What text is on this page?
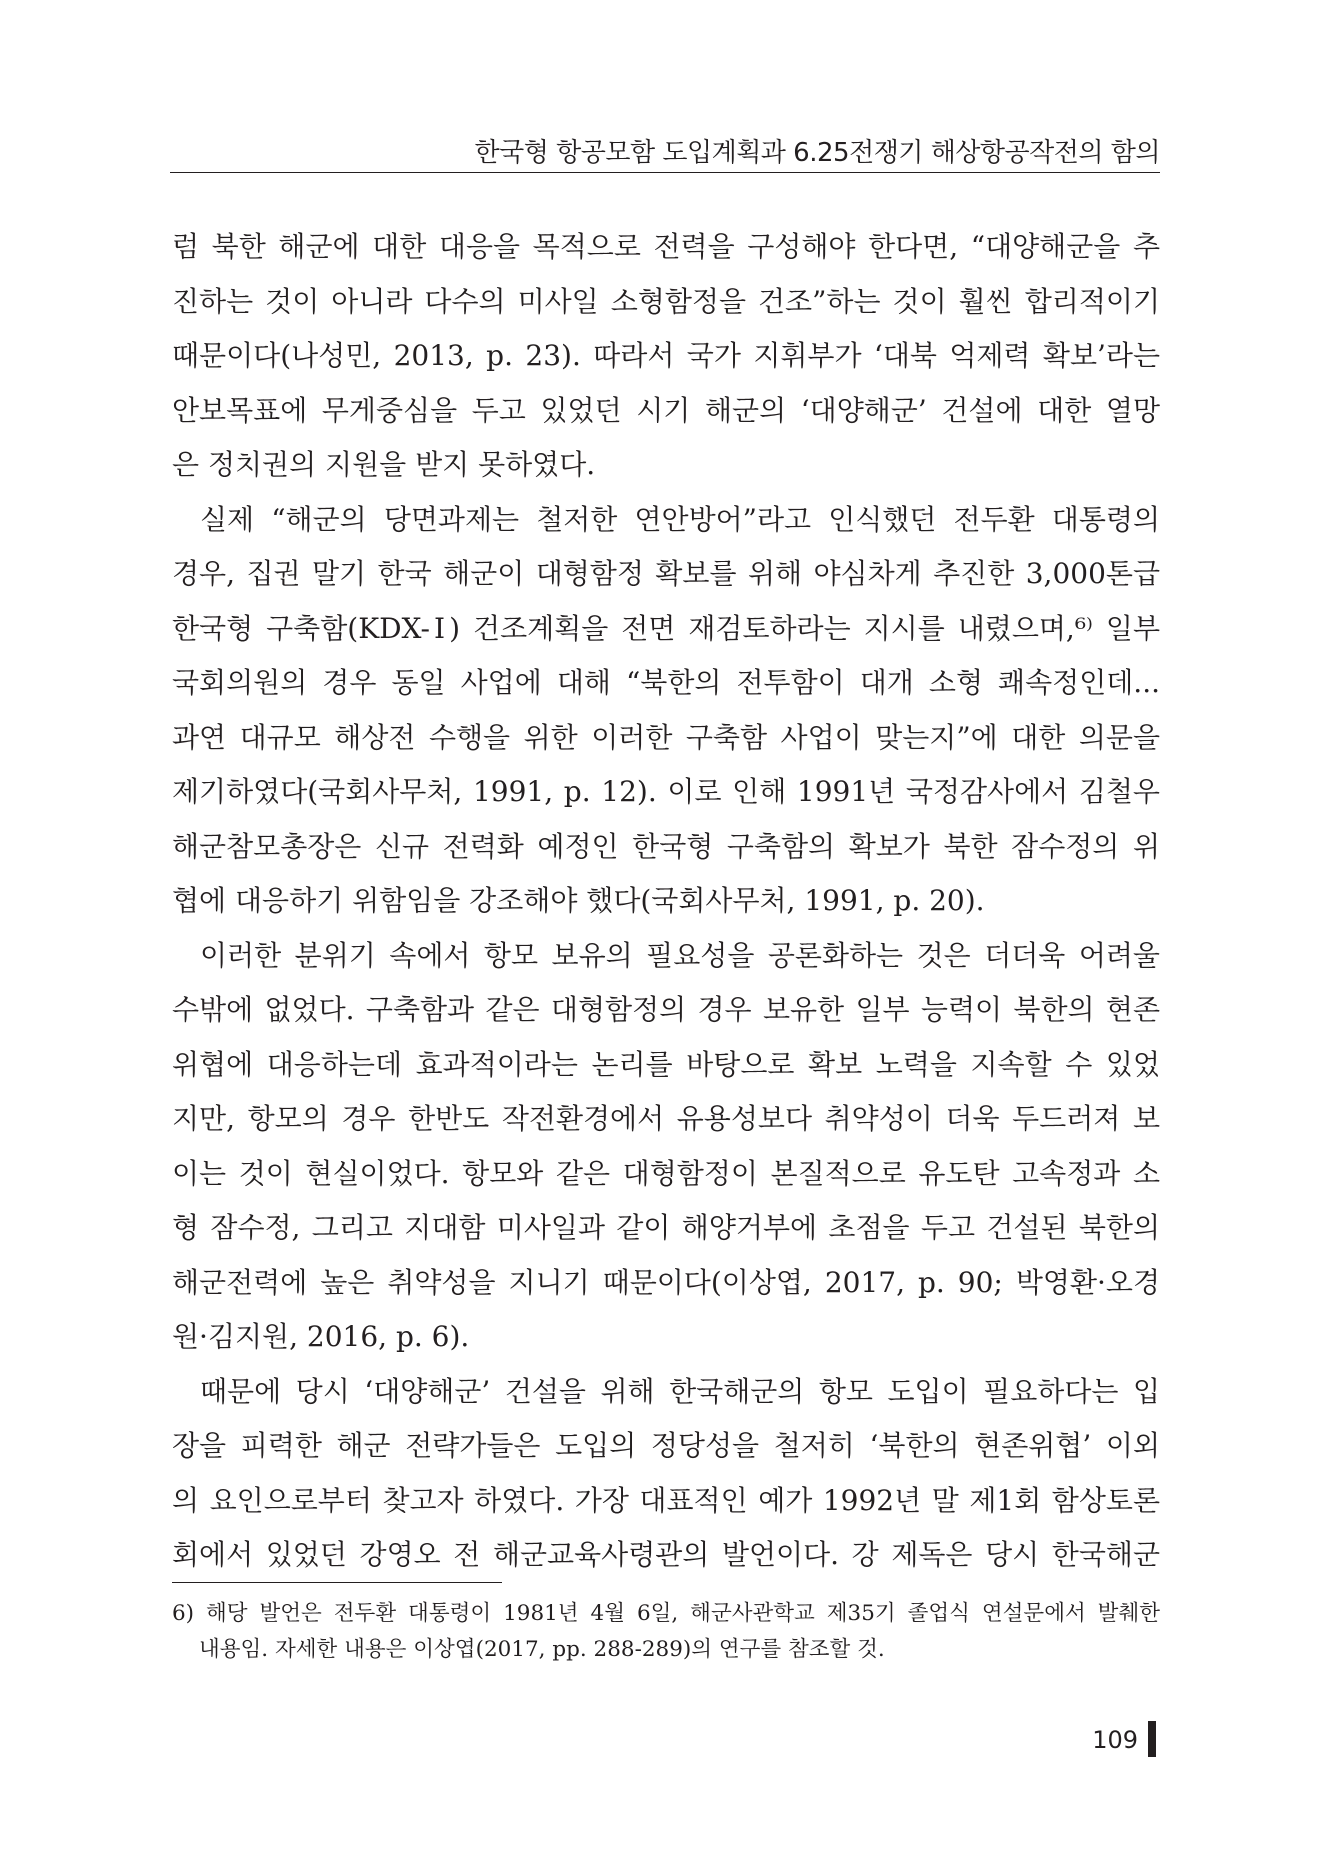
한국형 항공모함 도입계획과 6.25전쟁기 해상항공작전의 함의
럼 북한 해군에 대한 대응을 목적으로 전력을 구성해야 한다면, “대양해군을 추
진하는 것이 아니라 다수의 미사일 소형함정을 건조”하는 것이 훨씬 합리적이기
때문이다(나성민, 2013, p. 23). 따라서 국가 지휘부가 ‘대북 억제력 확보’라는
안보목표에 무게중심을 두고 있었던 시기 해군의 ‘대양해군’ 건설에 대한 열망
은 정치권의 지원을 받지 못하였다.
실제 “해군의 당면과제는 철저한 연안방어”라고 인식했던 전두환 대통령의
경우, 집권 말기 한국 해군이 대형함정 확보를 위해 야심차게 추진한 3,000톤급
한국형 구축함(KDX-Ⅰ) 건조계획을 전면 재검토하라는 지시를 내렸으며,⁶⁾ 일부
국회의원의 경우 동일 사업에 대해 “북한의 전투함이 대개 소형 쾌속정인데...
과연 대규모 해상전 수행을 위한 이러한 구축함 사업이 맞는지”에 대한 의문을
제기하였다(국회사무처, 1991, p. 12). 이로 인해 1991년 국정감사에서 김철우
해군참모총장은 신규 전력화 예정인 한국형 구축함의 확보가 북한 잠수정의 위
협에 대응하기 위함임을 강조해야 했다(국회사무처, 1991, p. 20).
이러한 분위기 속에서 항모 보유의 필요성을 공론화하는 것은 더더욱 어려울
수밖에 없었다. 구축함과 같은 대형함정의 경우 보유한 일부 능력이 북한의 현존
위협에 대응하는데 효과적이라는 논리를 바탕으로 확보 노력을 지속할 수 있었
지만, 항모의 경우 한반도 작전환경에서 유용성보다 취약성이 더욱 두드러져 보
이는 것이 현실이었다. 항모와 같은 대형함정이 본질적으로 유도탄 고속정과 소
형 잠수정, 그리고 지대함 미사일과 같이 해양거부에 초점을 두고 건설된 북한의
해군전력에 높은 취약성을 지니기 때문이다(이상엽, 2017, p. 90; 박영환·오경
원·김지원, 2016, p. 6).
때문에 당시 ‘대양해군’ 건설을 위해 한국해군의 항모 도입이 필요하다는 입
장을 피력한 해군 전략가들은 도입의 정당성을 철저히 ‘북한의 현존위협’ 이외
의 요인으로부터 찾고자 하였다. 가장 대표적인 예가 1992년 말 제1회 함상토론
회에서 있었던 강영오 전 해군교육사령관의 발언이다. 강 제독은 당시 한국해군
6) 해당 발언은 전두환 대통령이 1981년 4월 6일, 해군사관학교 제35기 졸업식 연설문에서 발췌한
내용임. 자세한 내용은 이상엽(2017, pp. 288-289)의 연구를 참조할 것.
109
